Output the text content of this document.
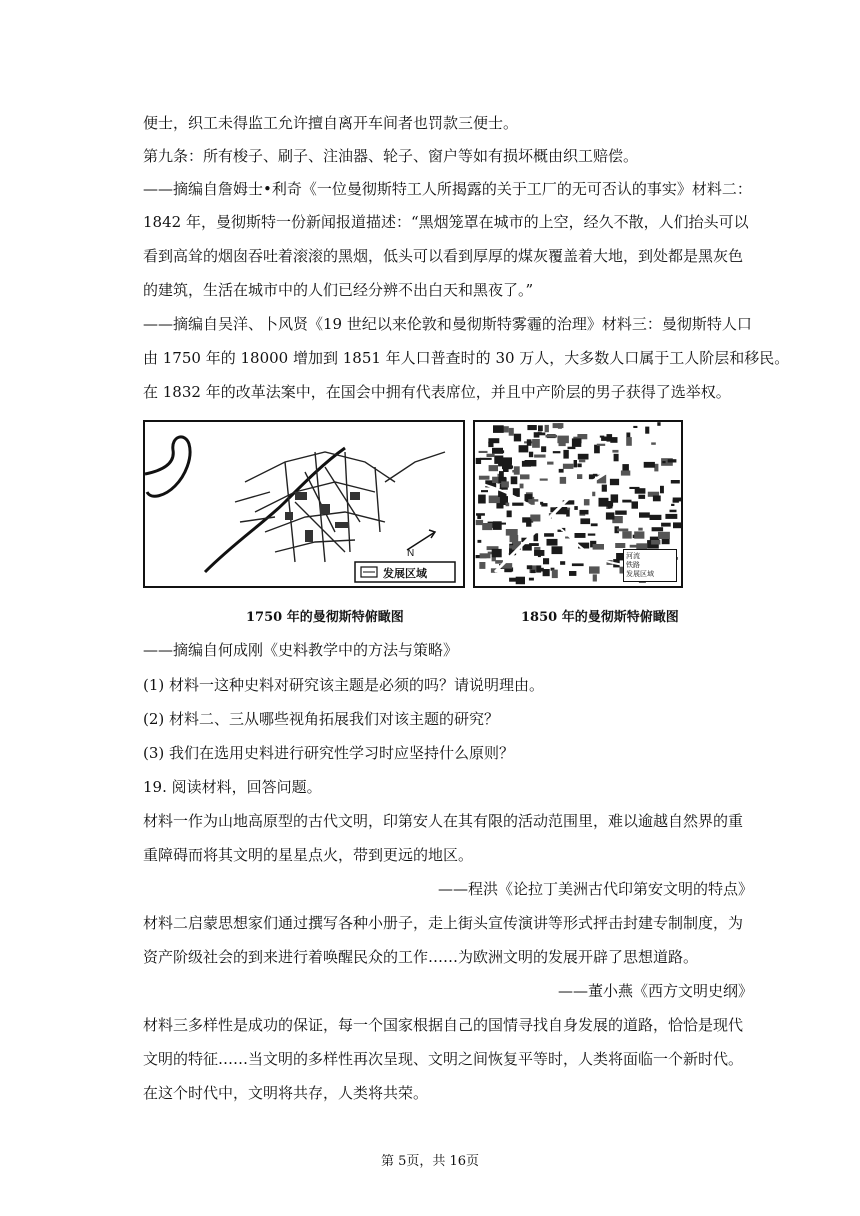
便士，织工未得监工允许擅自离开车间者也罚款三便士。
第九条：所有梭子、刷子、注油器、轮子、窗户等如有损坏概由织工赔偿。
——摘编自詹姆士•利奇《一位曼彻斯特工人所揭露的关于工厂的无可否认的事实》材料二：
1842 年，曼彻斯特一份新闻报道描述：“黑烟笼罩在城市的上空，经久不散，人们抬头可以
看到高耸的烟囱吞吐着滚滚的黑烟，低头可以看到厚厚的煤灰覆盖着大地，到处都是黑灰色
的建筑，生活在城市中的人们已经分辨不出白天和黑夜了。”
——摘编自吴洋、卜风贤《19 世纪以来伦敦和曼彻斯特雾霾的治理》材料三：曼彻斯特人口
由 1750 年的 18000 增加到 1851 年人口普查时的 30 万人，大多数人口属于工人阶层和移民。
在 1832 年的改革法案中，在国会中拥有代表席位，并且中产阶层的男子获得了选举权。
N
发展区域
河流
铁路
发展区域
1750 年的曼彻斯特俯瞰图	1850 年的曼彻斯特俯瞰图
——摘编自何成刚《史料教学中的方法与策略》
(1) 材料一这种史料对研究该主题是必须的吗？请说明理由。
(2) 材料二、三从哪些视角拓展我们对该主题的研究？
(3) 我们在选用史料进行研究性学习时应坚持什么原则？
19. 阅读材料，回答问题。
材料一作为山地高原型的古代文明，印第安人在其有限的活动范围里，难以逾越自然界的重
重障碍而将其文明的星星点火，带到更远的地区。
——程洪《论拉丁美洲古代印第安文明的特点》
材料二启蒙思想家们通过撰写各种小册子，走上街头宣传演讲等形式抨击封建专制制度，为
资产阶级社会的到来进行着唤醒民众的工作……为欧洲文明的发展开辟了思想道路。
——董小燕《西方文明史纲》
材料三多样性是成功的保证，每一个国家根据自己的国情寻找自身发展的道路，恰恰是现代
文明的特征……当文明的多样性再次呈现、文明之间恢复平等时，人类将面临一个新时代。
在这个时代中，文明将共存，人类将共荣。
第 5页，共 16页
